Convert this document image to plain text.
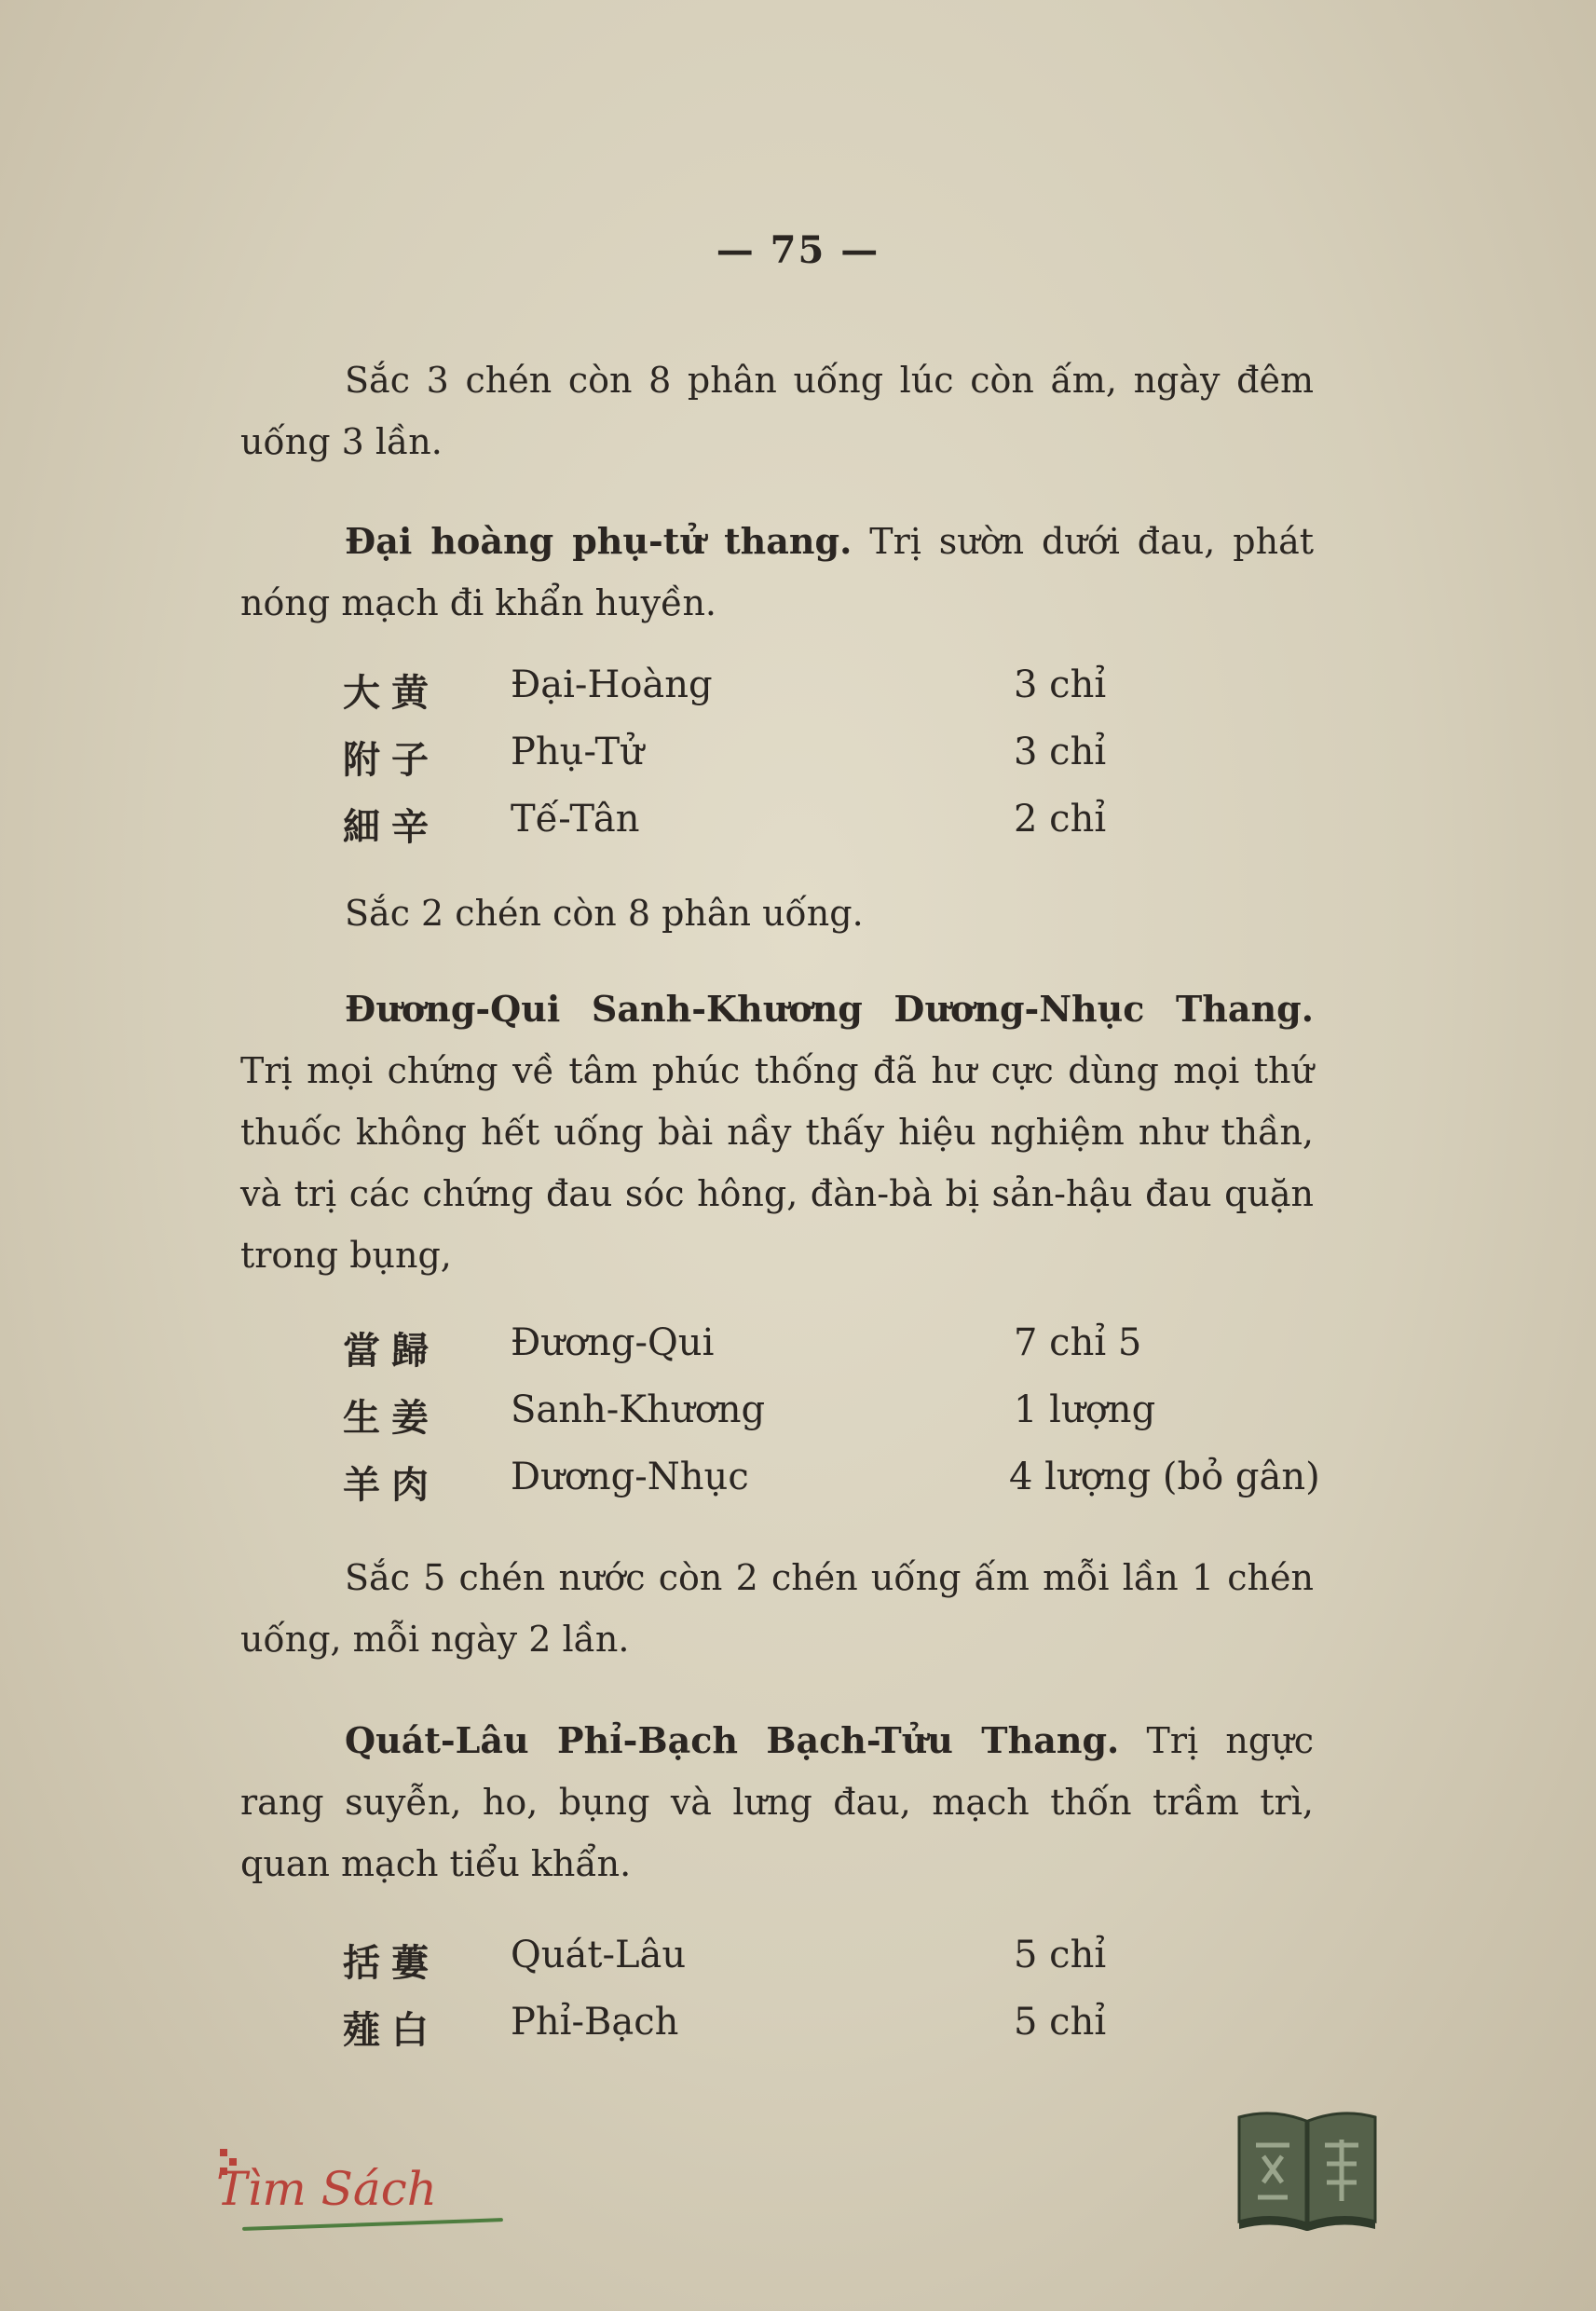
— 75 —
Sắc 3 chén còn 8 phân uống lúc còn ấm, ngày đêm uống 3 lần.
Đại hoàng phụ-tử thang. Trị sườn dưới đau, phát nóng mạch đi khẩn huyền.
大黄	Đại-Hoàng	3 chỉ
附子	Phụ-Tử	3 chỉ
細辛	Tế-Tân	2 chỉ
Sắc 2 chén còn 8 phân uống.
Đương-Qui Sanh-Khương Dương-Nhục Thang. Trị mọi chứng về tâm phúc thống đã hư cực dùng mọi thứ thuốc không hết uống bài nầy thấy hiệu nghiệm như thần, và trị các chứng đau sóc hông, đàn-bà bị sản-hậu đau quặn trong bụng,
當歸	Đương-Qui	7 chỉ 5
生姜	Sanh-Khương	1 lượng
羊肉	Dương-Nhục	4 lượng (bỏ gân)
Sắc 5 chén nước còn 2 chén uống ấm mỗi lần 1 chén uống, mỗi ngày 2 lần.
Quát-Lâu Phỉ-Bạch Bạch-Tửu Thang. Trị ngực rang suyễn, ho, bụng và lưng đau, mạch thốn trầm trì, quan mạch tiểu khẩn.
括蔞	Quát-Lâu	5 chỉ
薤白	Phỉ-Bạch	5 chỉ
Tìm Sách
